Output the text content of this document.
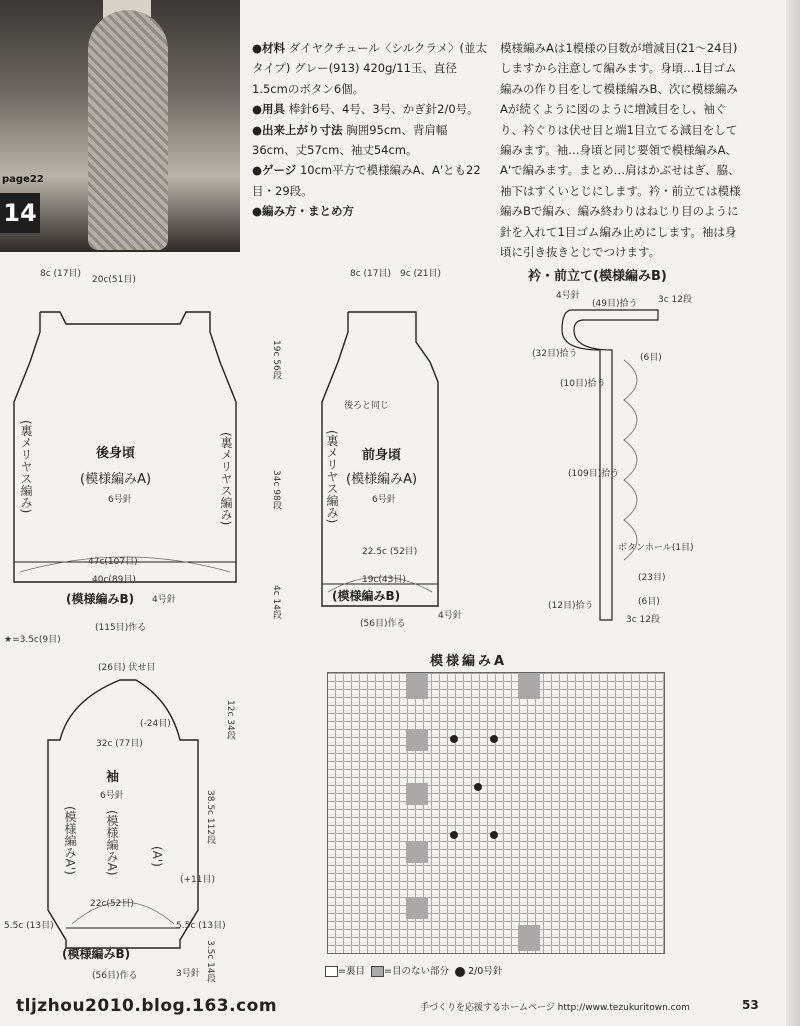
page22
14

●材料 ダイヤクチュール〈シルクラメ〉(並太タイプ) グレー(913) 420g/11玉、直径1.5cmのボタン6個。

●用具 棒針6号、4号、3号、かぎ針2/0号。

●出来上がり寸法 胸囲95cm、背肩幅36cm、丈57cm、袖丈54cm。

●ゲージ 10cm平方で模様編みA、A'とも22目・29段。

●編み方・まとめ方

模様編みAは1模様の目数が増減目(21〜24目)しますから注意して編みます。身頃…1目ゴム編みの作り目をして模様編みB、次に模様編みAが続くように図のように増減目をし、袖ぐり、衿ぐりは伏せ目と端1目立てる減目をして編みます。袖…身頃と同じ要領で模様編みA、A'で編みます。まとめ…肩はかぶせはぎ、脇、袖下はすくいとじにします。衿・前立ては模様編みBで編み、編み終わりはねじり目のように針を入れて1目ゴム編み止めにします。袖は身頃に引き抜きとじでつけます。

8c (17目)
20c(51目)
後身頃
(模様編みA)
6号針
47c(107目)
40c(89目)
(模様編みB) 4号針
(115目)作る
(裏メリヤス編み)	(裏メリヤス編み)
★=3.5c(9目)
19c 56段
34c 98段
4c 14段
8c (17目) 9c (21目)
後ろと同じ
前身頃
(模様編みA)
6号針
22.5c (52目)
19c(43目)
(模様編みB)
4号針
(56目)作る
(裏メリヤス編み)
衿・前立て(模様編みB)
4号針
(49目)拾う 3c 12段
(32目)拾う
(10目)拾う
(109目)拾う
(6目)
ボタンホール(1目)
(23目)
(12目)拾う	(6目)
3c 12段
(26目) 伏せ目
(-24目)
32c (77目)
袖
6号針
(模様編みA') (模様編みA)	(A')
(+11目)
22c(52目)
38.5c 112段
12c 34段
5.5c (13目)	5.5c (13目)
(模様編みB)	3.5c 14段
(56目)作る	3号針
模様編みA
=裏目 =目のない部分 2/0号針
tljzhou2010.blog.163.com	手づくりを応援するホームページ http://www.tezukuritown.com	53
